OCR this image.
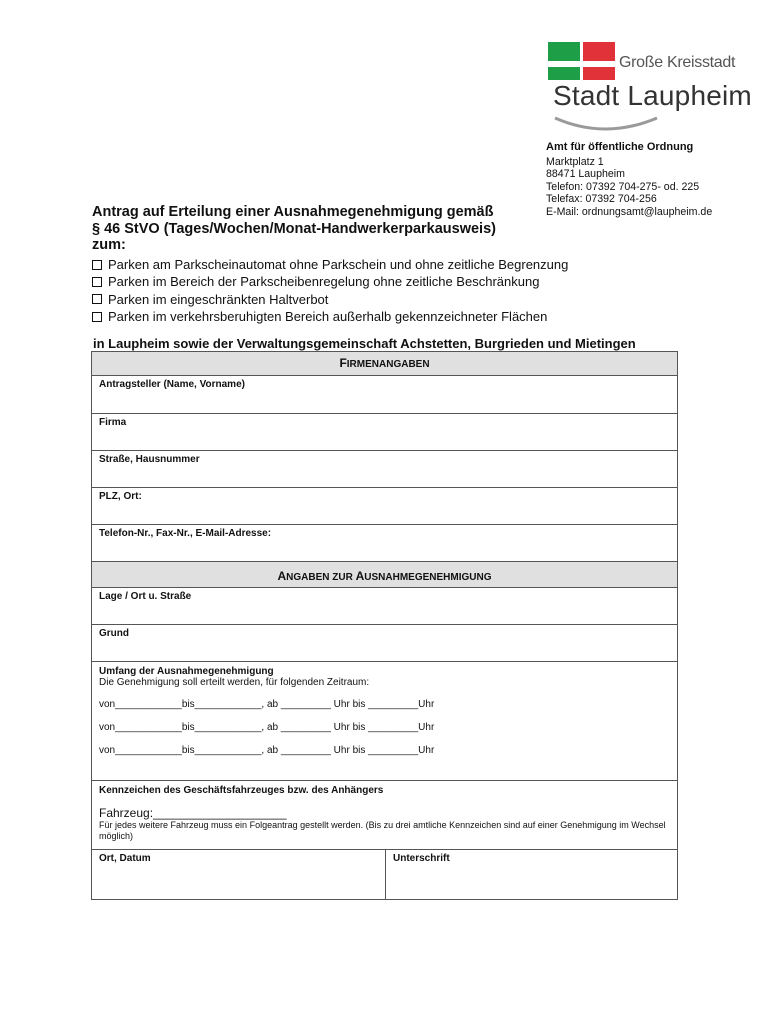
Große Kreisstadt
Stadt Laupheim
Amt für öffentliche Ordnung
Marktplatz 1
88471 Laupheim
Telefon: 07392 704-275- od. 225
Telefax: 07392 704-256
E-Mail: ordnungsamt@laupheim.de
Antrag auf Erteilung einer Ausnahmegenehmigung gemäß
§ 46 StVO (Tages/Wochen/Monat-Handwerkerparkausweis)
zum:
Parken am Parkscheinautomat ohne Parkschein und ohne zeitliche Begrenzung
Parken im Bereich der Parkscheibenregelung ohne zeitliche Beschränkung
Parken im eingeschränkten Haltverbot
Parken im verkehrsberuhigten Bereich außerhalb gekennzeichneter Flächen
in Laupheim sowie der Verwaltungsgemeinschaft Achstetten, Burgrieden und Mietingen
FIRMENANGABEN
Antragsteller (Name, Vorname)
Firma
Straße, Hausnummer
PLZ, Ort:
Telefon-Nr., Fax-Nr., E-Mail-Adresse:
ANGABEN ZUR AUSNAHMEGENEHMIGUNG
Lage / Ort u. Straße
Grund
Umfang der Ausnahmegenehmigung
Die Genehmigung soll erteilt werden, für folgenden Zeitraum:
von____________bis____________, ab _________ Uhr bis _________Uhr
von____________bis____________, ab _________ Uhr bis _________Uhr
von____________bis____________, ab _________ Uhr bis _________Uhr
Kennzeichen des Geschäftsfahrzeuges bzw. des Anhängers
Fahrzeug:____________________
Für jedes weitere Fahrzeug muss ein Folgeantrag gestellt werden. (Bis zu drei amtliche Kennzeichen sind auf einer Genehmigung im Wechsel möglich)
Ort, Datum	Unterschrift
